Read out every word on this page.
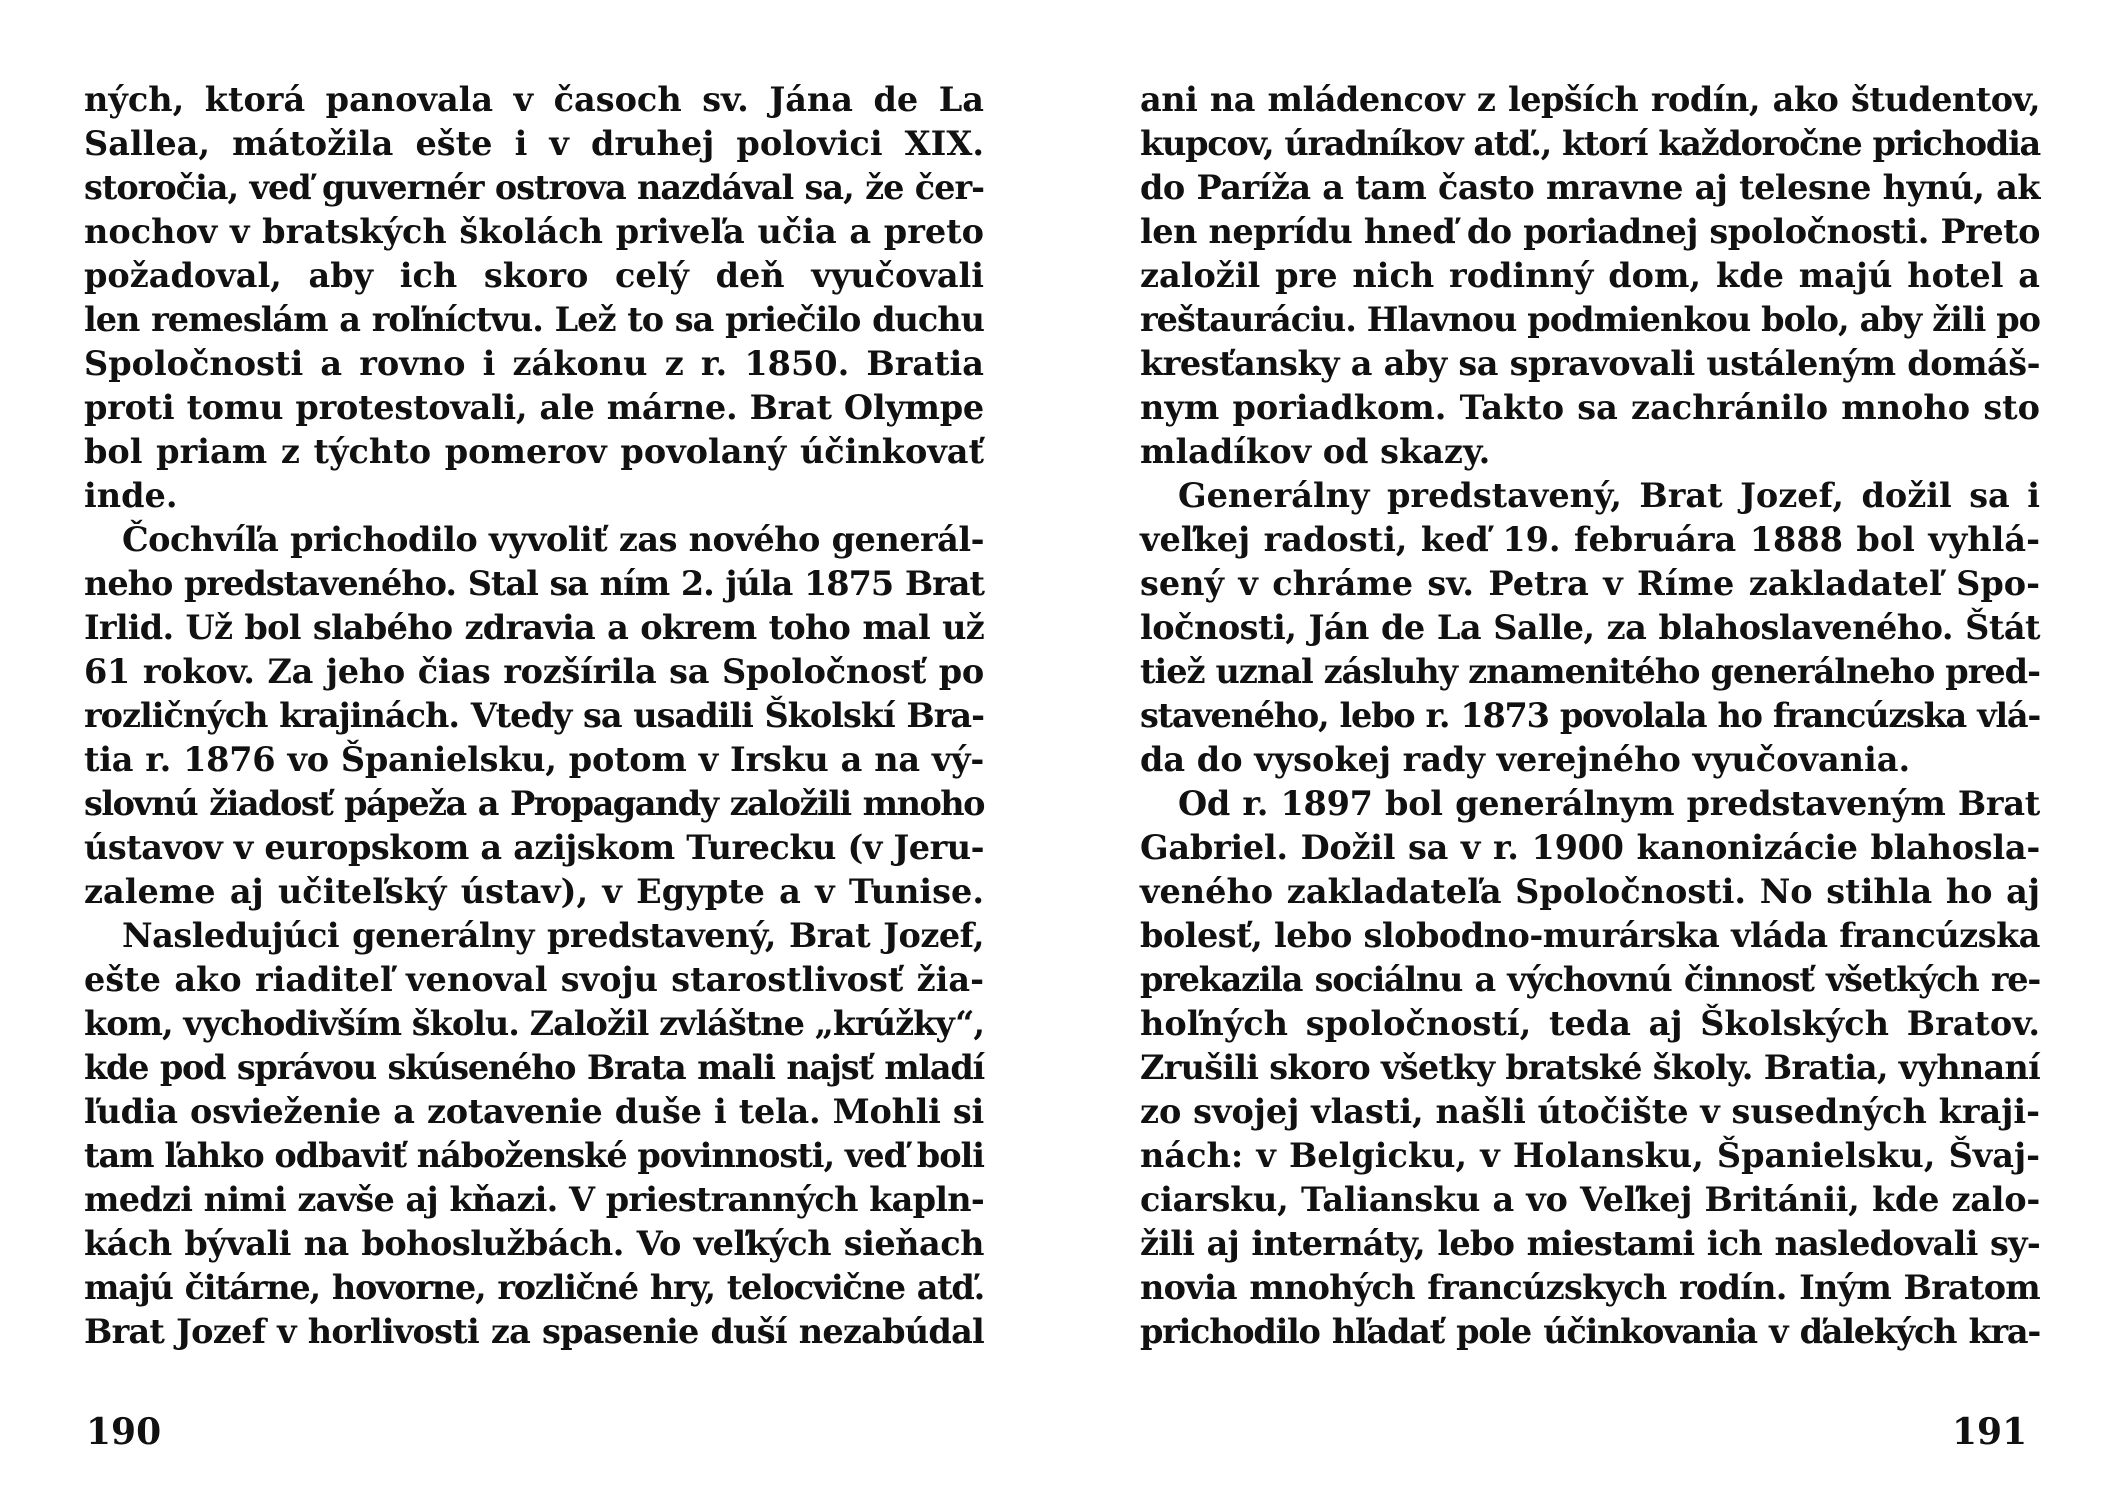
ných, ktorá panovala v časoch sv. Jána de La
Sallea, mátožila ešte i v druhej polovici XIX.
storočia, veď guvernér ostrova nazdával sa, že čer-
nochov v bratských školách priveľa učia a preto
požadoval, aby ich skoro celý deň vyučovali
len remeslám a roľníctvu. Lež to sa priečilo duchu
Spoločnosti a rovno i zákonu z r. 1850. Bratia
proti tomu protestovali, ale márne. Brat Olympe
bol priam z týchto pomerov povolaný účinkovať
inde.
Čochvíľa prichodilo vyvoliť zas nového generál-
neho predstaveného. Stal sa ním 2. júla 1875 Brat
Irlid. Už bol slabého zdravia a okrem toho mal už
61 rokov. Za jeho čias rozšírila sa Spoločnosť po
rozličných krajinách. Vtedy sa usadili Školskí Bra-
tia r. 1876 vo Španielsku, potom v Irsku a na vý-
slovnú žiadosť pápeža a Propagandy založili mnoho
ústavov v europskom a azijskom Turecku (v Jeru-
zaleme aj učiteľský ústav), v Egypte a v Tunise.
Nasledujúci generálny predstavený, Brat Jozef,
ešte ako riaditeľ venoval svoju starostlivosť žia-
kom, vychodivším školu. Založil zvláštne „krúžky“,
kde pod správou skúseného Brata mali najsť mladí
ľudia osvieženie a zotavenie duše i tela. Mohli si
tam ľahko odbaviť náboženské povinnosti, veď boli
medzi nimi zavše aj kňazi. V priestranných kapln-
kách bývali na bohoslužbách. Vo veľkých sieňach
majú čitárne, hovorne, rozličné hry, telocvične atď.
Brat Jozef v horlivosti za spasenie duší nezabúdal
190
ani na mládencov z lepších rodín, ako študentov,
kupcov, úradníkov atď., ktorí každoročne prichodia
do Paríža a tam často mravne aj telesne hynú, ak
len neprídu hneď do poriadnej spoločnosti. Preto
založil pre nich rodinný dom, kde majú hotel a
reštauráciu. Hlavnou podmienkou bolo, aby žili po
kresťansky a aby sa spravovali ustáleným domáš-
nym poriadkom. Takto sa zachránilo mnoho sto
mladíkov od skazy.
Generálny predstavený, Brat Jozef, dožil sa i
veľkej radosti, keď 19. februára 1888 bol vyhlá-
sený v chráme sv. Petra v Ríme zakladateľ Spo-
ločnosti, Ján de La Salle, za blahoslaveného. Štát
tiež uznal zásluhy znamenitého generálneho pred-
staveného, lebo r. 1873 povolala ho francúzska vlá-
da do vysokej rady verejného vyučovania.
Od r. 1897 bol generálnym predstaveným Brat
Gabriel. Dožil sa v r. 1900 kanonizácie blahosla-
veného zakladateľa Spoločnosti. No stihla ho aj
bolesť, lebo slobodno-murárska vláda francúzska
prekazila sociálnu a výchovnú činnosť všetkých re-
hoľných spoločností, teda aj Školských Bratov.
Zrušili skoro všetky bratské školy. Bratia, vyhnaní
zo svojej vlasti, našli útočište v susedných kraji-
nách: v Belgicku, v Holansku, Španielsku, Švaj-
ciarsku, Taliansku a vo Veľkej Británii, kde zalo-
žili aj internáty, lebo miestami ich nasledovali sy-
novia mnohých francúzskych rodín. Iným Bratom
prichodilo hľadať pole účinkovania v ďalekých kra-
191
